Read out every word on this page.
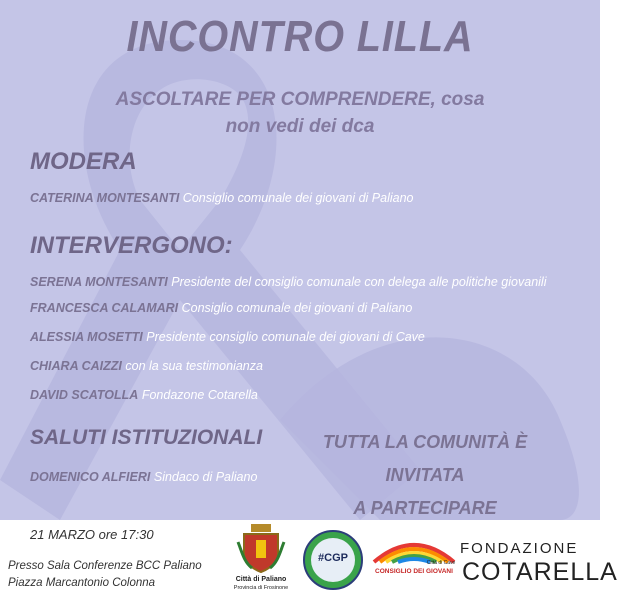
INCONTRO LILLA
ASCOLTARE PER COMPRENDERE, cosa
non vedi dei dca
MODERA
CATERINA MONTESANTI Consiglio comunale dei giovani di Paliano
INTERVERGONO:
SERENA MONTESANTI Presidente del consiglio comunale con delega alle politiche giovanili
FRANCESCA CALAMARI Consiglio comunale dei giovani di Paliano
ALESSIA MOSETTI Presidente consiglio comunale dei giovani di Cave
CHIARA CAIZZI con la sua testimonianza
DAVID SCATOLLA Fondazone Cotarella
SALUTI ISTITUZIONALI
DOMENICO ALFIERI Sindaco di Paliano
TUTTA LA COMUNITÀ È INVITATA
A PARTECIPARE
21 MARZO ore 17:30
Presso Sala Conferenze BCC Paliano
Piazza Marcantonio Colonna	Città di Paliano
Provincia di Frosinone
#CGP	Città di Cave
CONSIGLIO DEI GIOVANI
FONDAZIONE
COTARELLA
